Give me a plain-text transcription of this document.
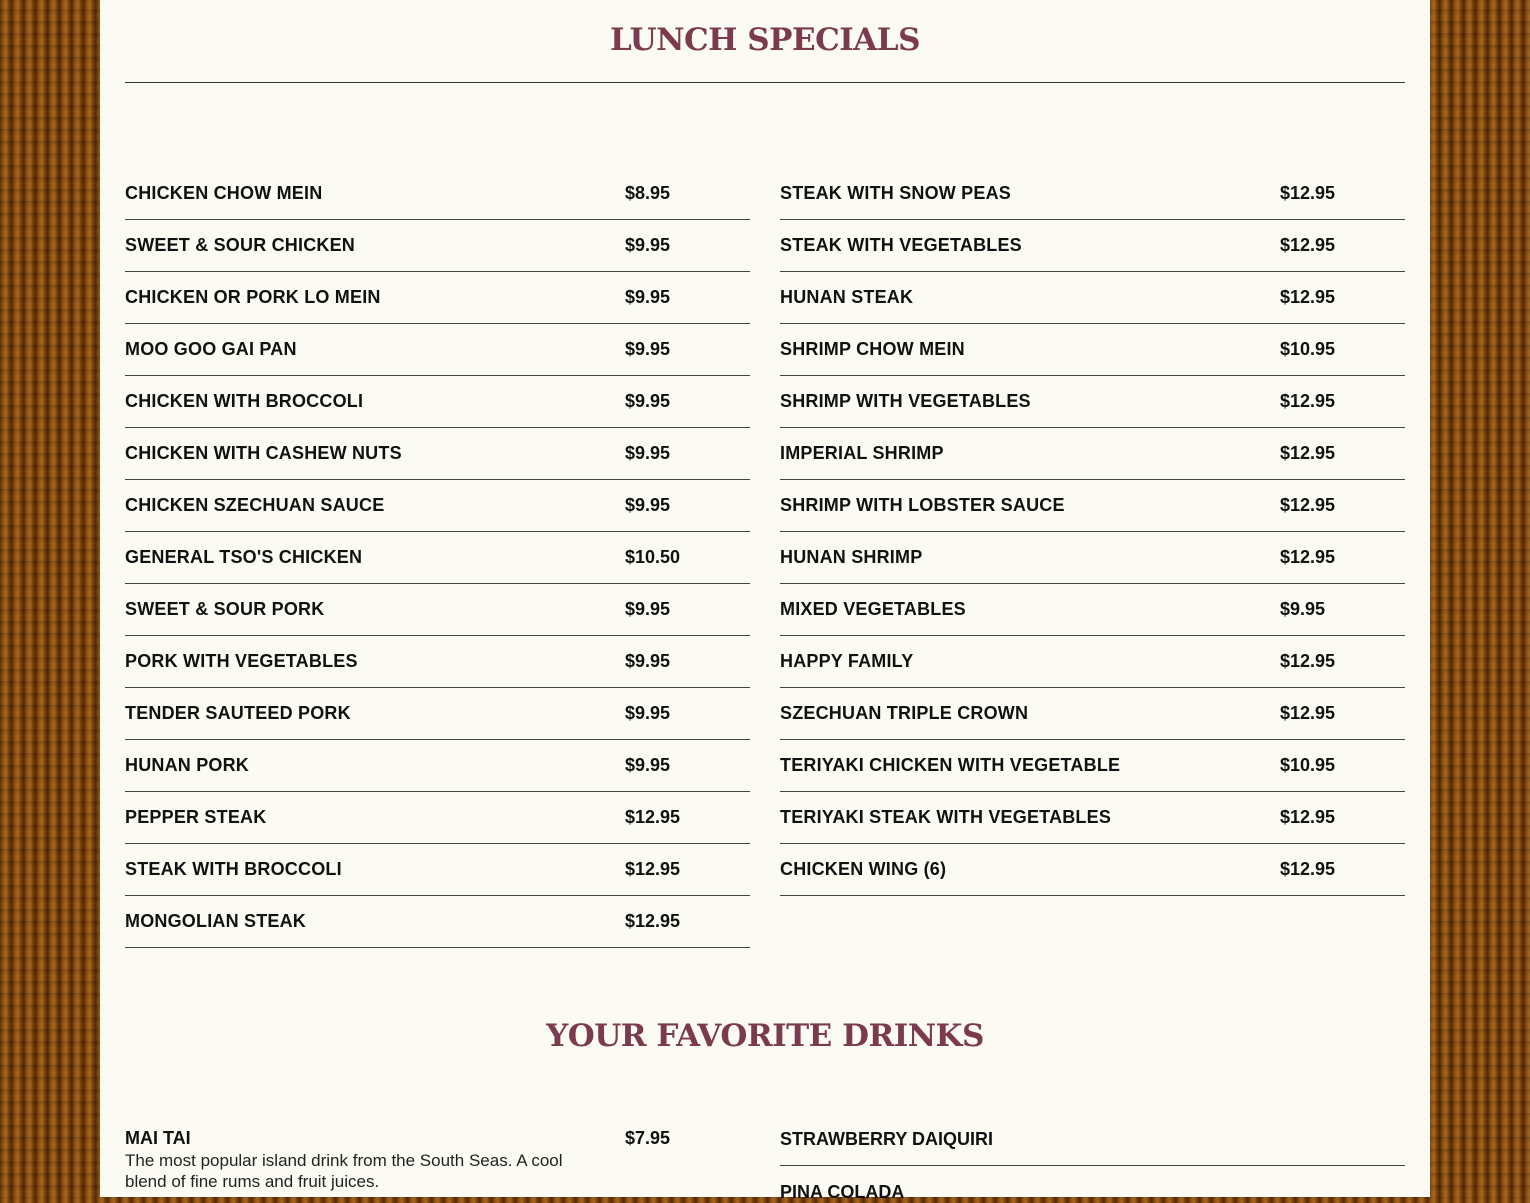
LUNCH SPECIALS
CHICKEN CHOW MEIN	$8.95
SWEET & SOUR CHICKEN	$9.95
CHICKEN OR PORK LO MEIN	$9.95
MOO GOO GAI PAN	$9.95
CHICKEN WITH BROCCOLI	$9.95
CHICKEN WITH CASHEW NUTS	$9.95
CHICKEN SZECHUAN SAUCE	$9.95
GENERAL TSO'S CHICKEN	$10.50
SWEET & SOUR PORK	$9.95
PORK WITH VEGETABLES	$9.95
TENDER SAUTEED PORK	$9.95
HUNAN PORK	$9.95
PEPPER STEAK	$12.95
STEAK WITH BROCCOLI	$12.95
MONGOLIAN STEAK	$12.95
STEAK WITH SNOW PEAS	$12.95
STEAK WITH VEGETABLES	$12.95
HUNAN STEAK	$12.95
SHRIMP CHOW MEIN	$10.95
SHRIMP WITH VEGETABLES	$12.95
IMPERIAL SHRIMP	$12.95
SHRIMP WITH LOBSTER SAUCE	$12.95
HUNAN SHRIMP	$12.95
MIXED VEGETABLES	$9.95
HAPPY FAMILY	$12.95
SZECHUAN TRIPLE CROWN	$12.95
TERIYAKI CHICKEN WITH VEGETABLE	$10.95
TERIYAKI STEAK WITH VEGETABLES	$12.95
CHICKEN WING (6)	$12.95
YOUR FAVORITE DRINKS
MAI TAI	$7.95
The most popular island drink from the South Seas. A cool blend of fine rums and fruit juices.
STRAWBERRY DAIQUIRI
PINA COLADA
